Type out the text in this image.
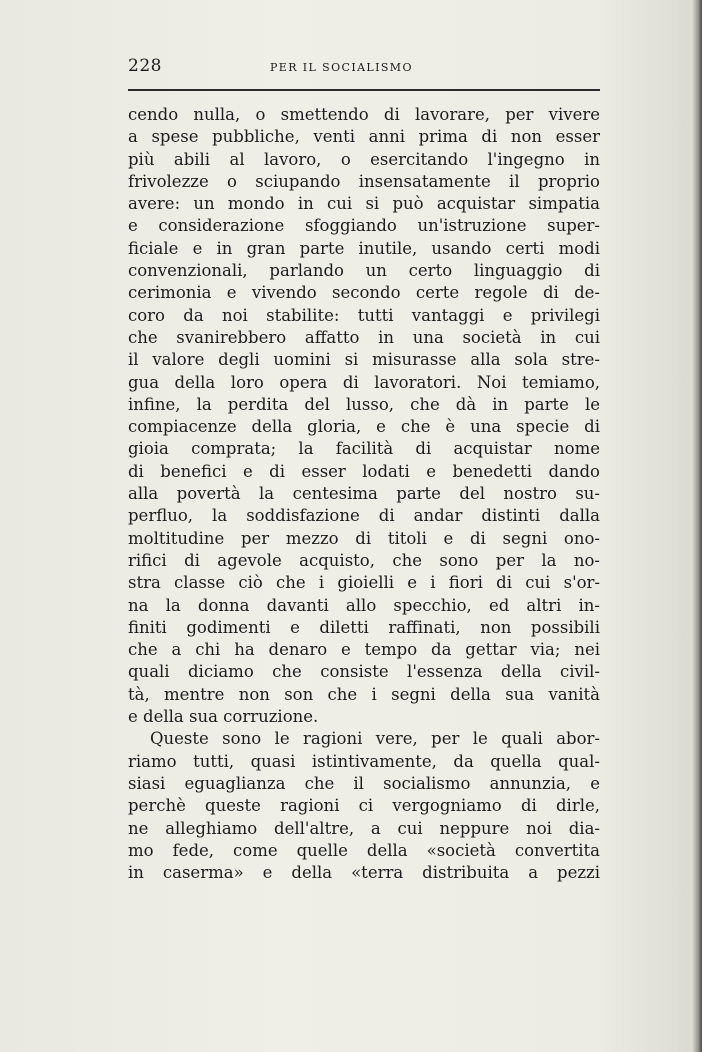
228	PER IL SOCIALISMO
cendo nulla, o smettendo di lavorare, per vivere
a spese pubbliche, venti anni prima di non esser
più abili al lavoro, o esercitando l'ingegno in
frivolezze o sciupando insensatamente il proprio
avere: un mondo in cui si può acquistar simpatia
e considerazione sfoggiando un'istruzione super-
ficiale e in gran parte inutile, usando certi modi
convenzionali, parlando un certo linguaggio di
cerimonia e vivendo secondo certe regole di de-
coro da noi stabilite: tutti vantaggi e privilegi
che svanirebbero affatto in una società in cui
il valore degli uomini si misurasse alla sola stre-
gua della loro opera di lavoratori. Noi temiamo,
infine, la perdita del lusso, che dà in parte le
compiacenze della gloria, e che è una specie di
gioia comprata; la facilità di acquistar nome
di benefici e di esser lodati e benedetti dando
alla povertà la centesima parte del nostro su-
perfluo, la soddisfazione di andar distinti dalla
moltitudine per mezzo di titoli e di segni ono-
rifici di agevole acquisto, che sono per la no-
stra classe ciò che i gioielli e i fiori di cui s'or-
na la donna davanti allo specchio, ed altri in-
finiti godimenti e diletti raffinati, non possibili
che a chi ha denaro e tempo da gettar via; nei
quali diciamo che consiste l'essenza della civil-
tà, mentre non son che i segni della sua vanità
e della sua corruzione.
Queste sono le ragioni vere, per le quali abor-
riamo tutti, quasi istintivamente, da quella qual-
siasi eguaglianza che il socialismo annunzia, e
perchè queste ragioni ci vergogniamo di dirle,
ne alleghiamo dell'altre, a cui neppure noi dia-
mo fede, come quelle della «società convertita
in caserma» e della «terra distribuita a pezzi
